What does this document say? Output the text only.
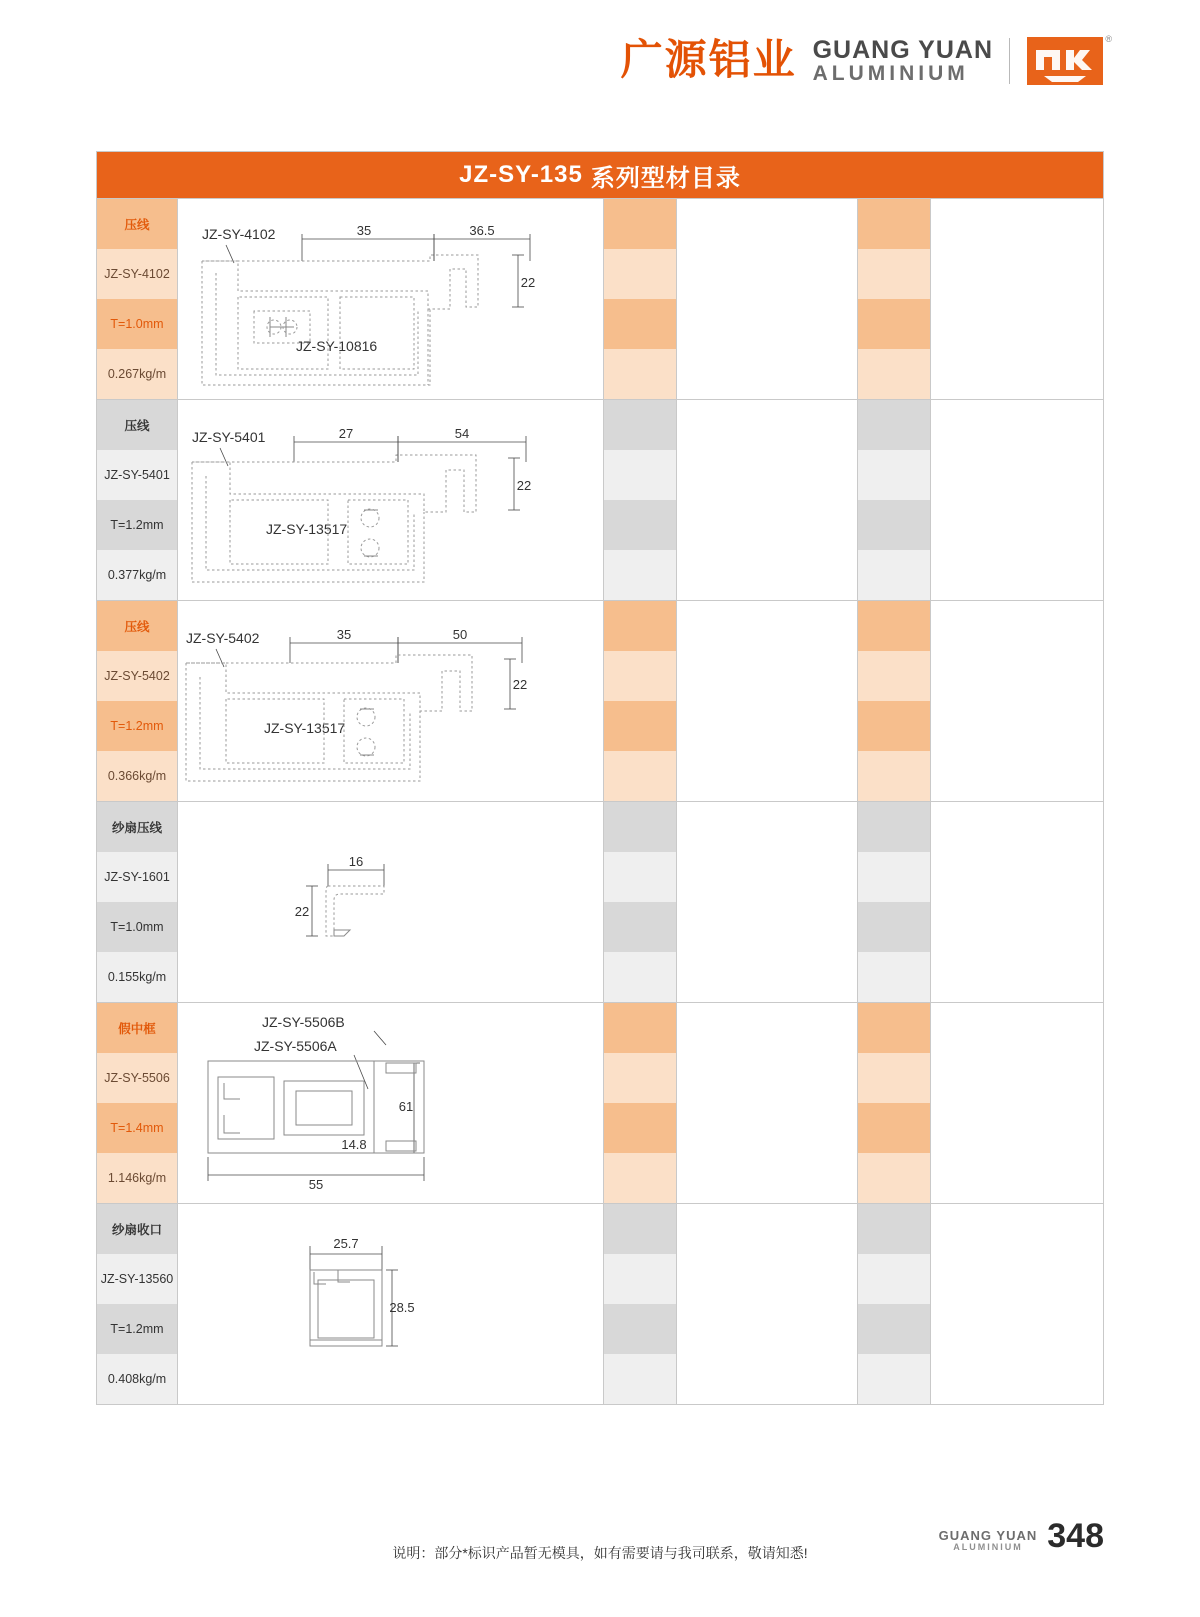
广源铝业 GUANG YUAN
ALUMINIUM
®
JZ-SY-135 系列型材目录
压线
JZ-SY-4102
T=1.0mm
0.267kg/m
35	36.5
22
JZ-SY-4102
JZ-SY-10816
压线
JZ-SY-5401
T=1.2mm
0.377kg/m
27	54
22
JZ-SY-5401
JZ-SY-13517
压线
JZ-SY-5402
T=1.2mm
0.366kg/m
35	50
22
JZ-SY-5402
JZ-SY-13517
纱扇压线
JZ-SY-1601
T=1.0mm
0.155kg/m
16
22
假中框
JZ-SY-5506
T=1.4mm
1.146kg/m
JZ-SY-5506B
JZ-SY-5506A
61
14.8
55
纱扇收口
JZ-SY-13560
T=1.2mm
0.408kg/m
25.7
28.5
说明：部分*标识产品暂无模具，如有需要请与我司联系，敬请知悉!
GUANG YUAN
ALUMINIUM 348
